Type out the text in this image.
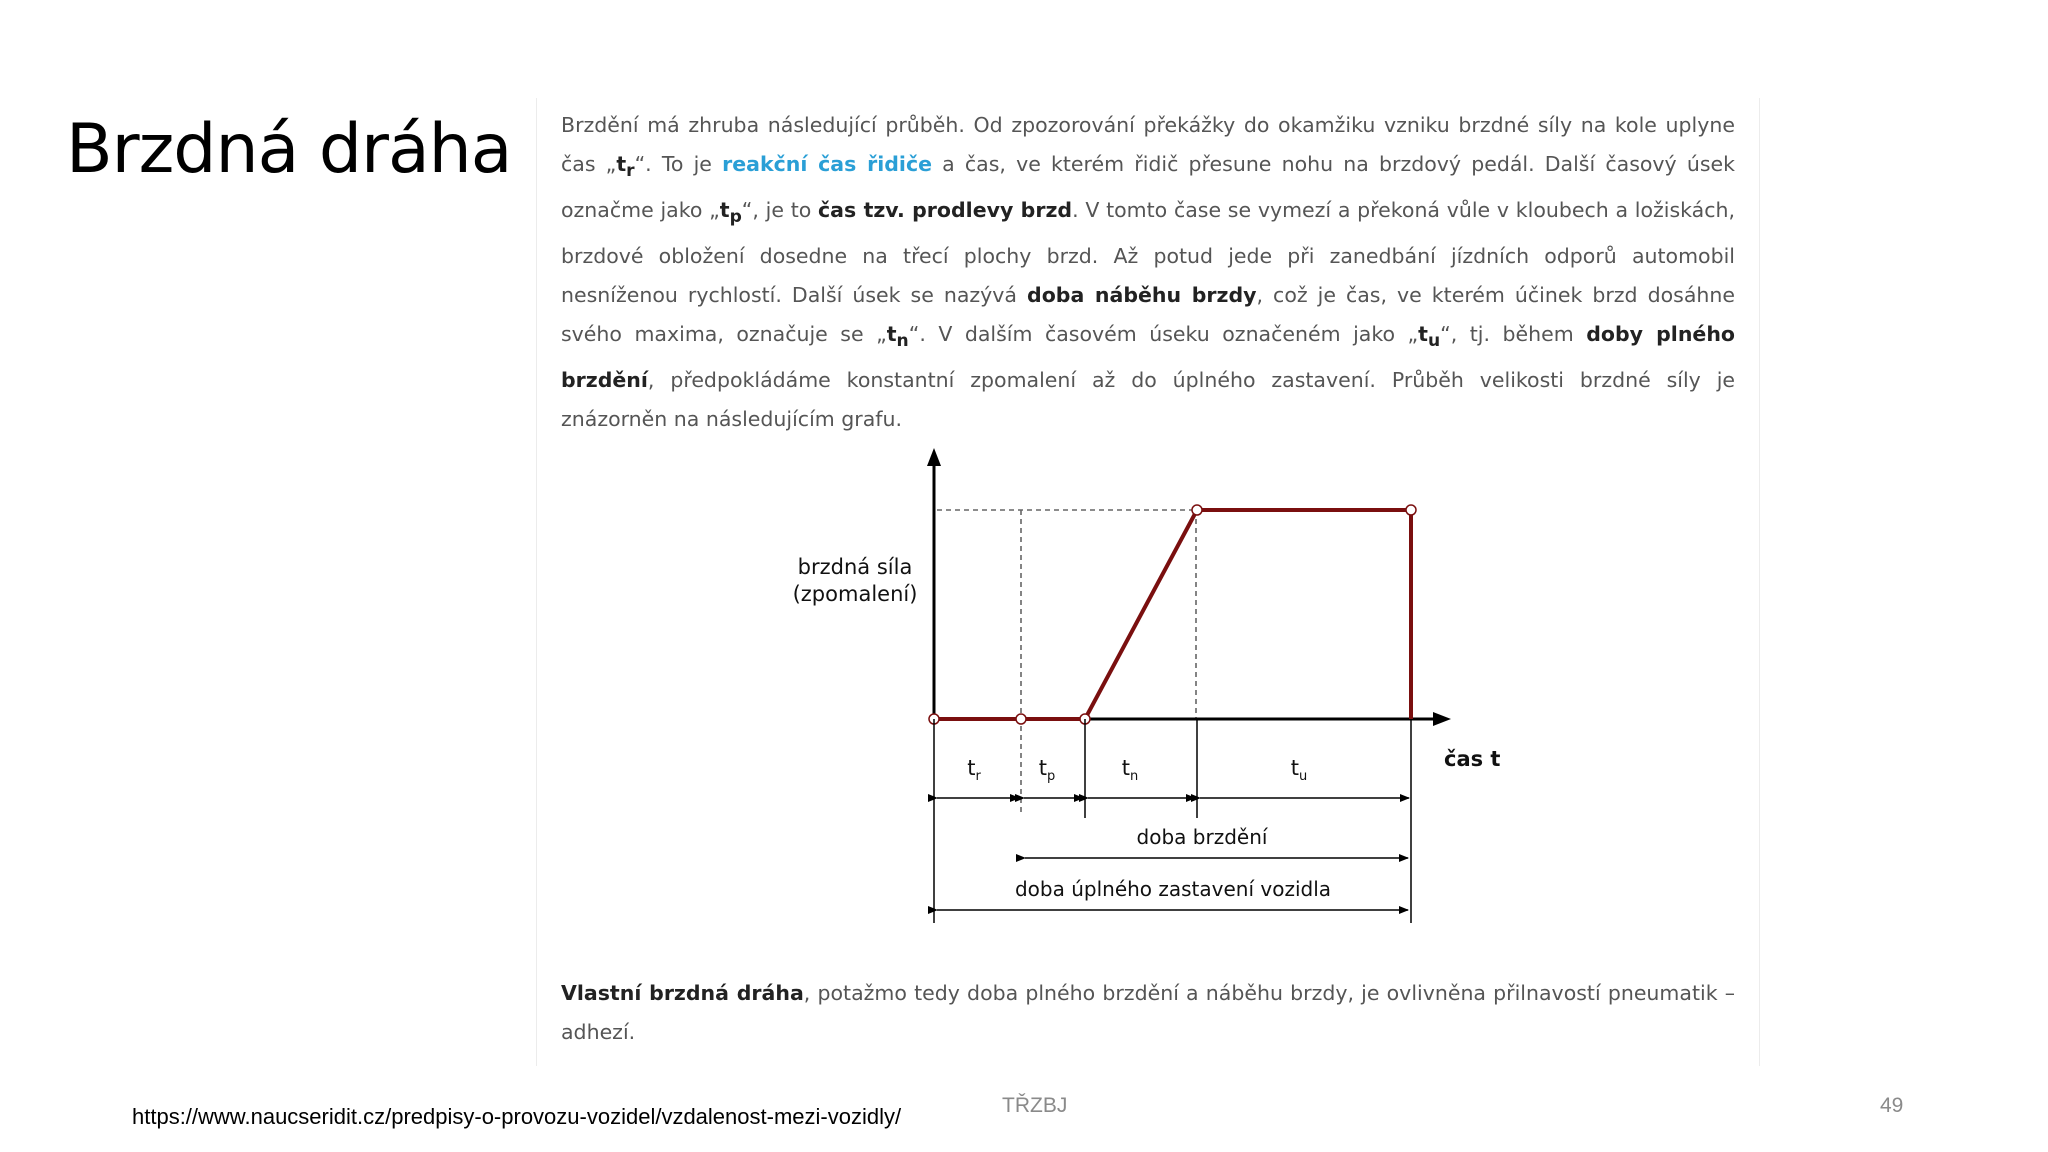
Brzdná dráha Brzdění má zhruba následující průběh. Od zpozorování překážky do okamžiku vzniku brzdné síly na kole uplyne čas $„t_r“$. To je reakční čas řidiče a čas, ve kterém řidič přesune nohu na brzdový pedál. Další časový úsek označme jako $„t_p“$, je to čas tzv. prodlevy brzd. V tomto čase se vymezí a překoná vůle v kloubech a ložiskách, brzdové obložení dosedne na třecí plochy brzd. Až potud jede při zanedbání jízdních odporů automobil nesníženou rychlostí. Další úsek se nazývá doba náběhu brzdy, což je čas, ve kterém účinek brzd dosáhne svého maxima, označuje se $„t_n“$. V dalším časovém úseku označeném jako $„t_u“$, tj. během doby plného brzdění, předpokládáme konstantní zpomalení až do úplného zastavení. Průběh velikosti brzdné síly je znázorněn na následujícím grafu.
brzdná síla
(zpomalení)
čas t
$t_r$	$t_p$	$t_n$	$t_u$
doba brzdění
doba úplného zastavení vozidla
Vlastní brzdná dráha, potažmo tedy doba plného brzdění a náběhu brzdy, je ovlivněna přilnavostí pneumatik – adhezí.
https://www.naucseridit.cz/predpisy-o-provozu-vozidel/vzdalenost-mezi-vozidly/	TŘZBJ	49
